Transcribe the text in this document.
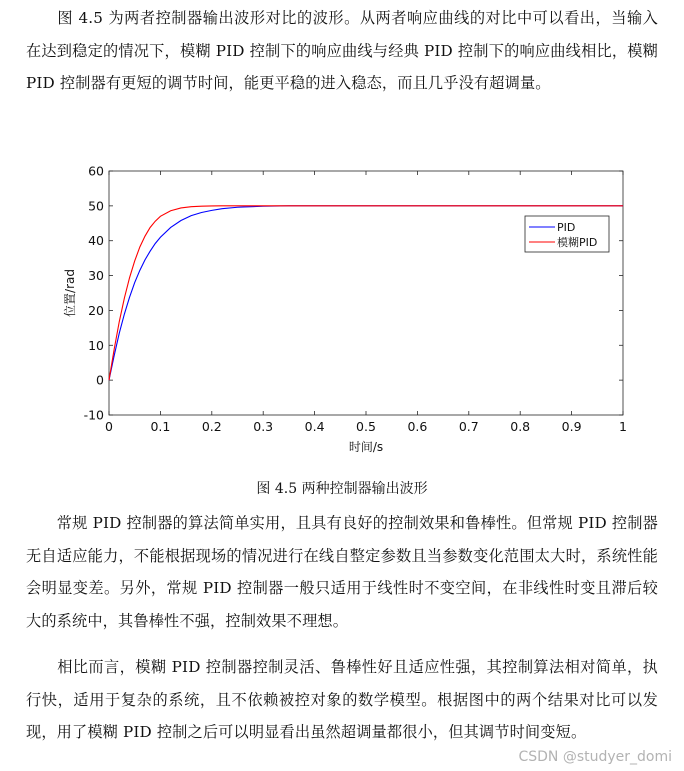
　　图 4.5 为两者控制器输出波形对比的波形。从两者响应曲线的对比中可以看出，当输入在达到稳定的情况下，模糊 PID 控制下的响应曲线与经典 PID 控制下的响应曲线相比，模糊 PID 控制器有更短的调节时间，能更平稳的进入稳态，而且几乎没有超调量。

0	0.1	0.2	0.3	0.4	0.5	0.6	0.7	0.8	0.9	1
-10
0
10
20
30
40
50
60
时间/s
位置/rad
PID
模糊PID

图 4.5 两种控制器输出波形

　　常规 PID 控制器的算法简单实用，且具有良好的控制效果和鲁棒性。但常规 PID 控制器无自适应能力，不能根据现场的情况进行在线自整定参数且当参数变化范围太大时，系统性能会明显变差。另外，常规 PID 控制器一般只适用于线性时不变空间，在非线性时变且滞后较大的系统中，其鲁棒性不强，控制效果不理想。

　　相比而言，模糊 PID 控制器控制灵活、鲁棒性好且适应性强，其控制算法相对简单，执行快，适用于复杂的系统，且不依赖被控对象的数学模型。根据图中的两个结果对比可以发现，用了模糊 PID 控制之后可以明显看出虽然超调量都很小，但其调节时间变短。

CSDN @studyer_domi
